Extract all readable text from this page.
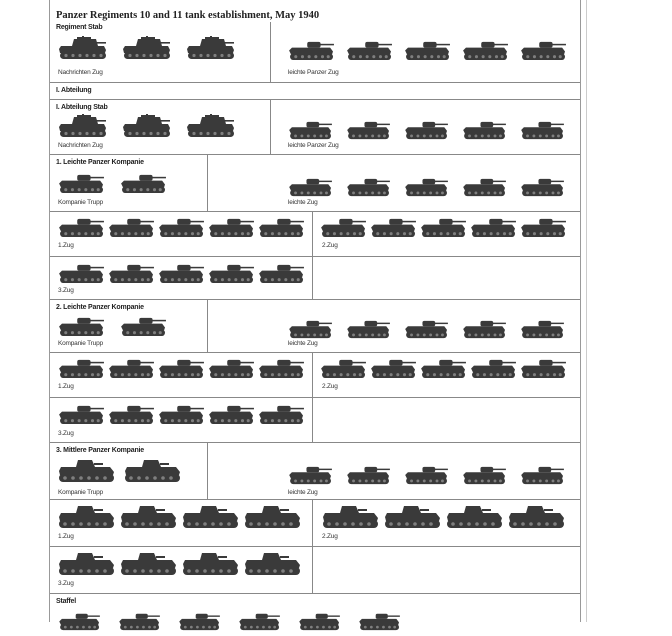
Panzer Regiments 10 and 11 tank establishment, May 1940
Regiment Stab
Nachrichten Zug	leichte Panzer Zug
I. Abteilung
I. Abteilung Stab
Nachrichten Zug	leichte Panzer Zug
1. Leichte Panzer Kompanie
Kompanie Trupp	leichte Zug
1.Zug	2.Zug
3.Zug
2. Leichte Panzer Kompanie
Kompanie Trupp	leichte Zug
1.Zug	2.Zug
3.Zug
3. Mittlere Panzer Kompanie
Kompanie Trupp	leichte Zug
1.Zug	2.Zug
3.Zug
Staffel
